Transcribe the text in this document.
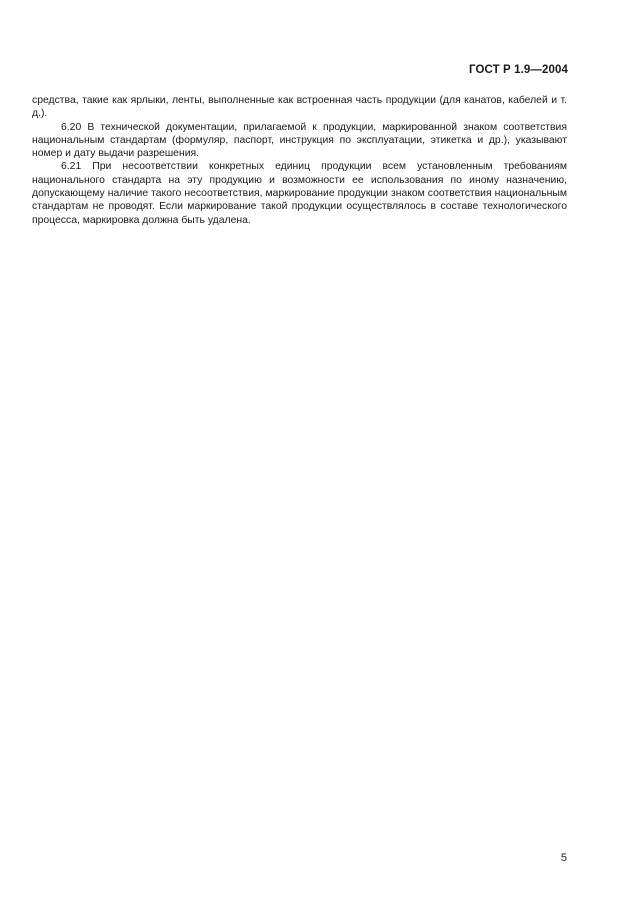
ГОСТ Р 1.9—2004

средства, такие как ярлыки, ленты, выполненные как встроенная часть продукции (для канатов, кабелей и т. д.).

6.20 В технической документации, прилагаемой к продукции, маркированной знаком соответствия национальным стандартам (формуляр, паспорт, инструкция по эксплуатации, этикетка и др.), указывают номер и дату выдачи разрешения.

6.21 При несоответствии конкретных единиц продукции всем установленным требованиям национального стандарта на эту продукцию и возможности ее использования по иному назначению, допускающему наличие такого несоответствия, маркирование продукции знаком соответствия национальным стандартам не проводят. Если маркирование такой продукции осуществлялось в составе технологического процесса, маркировка должна быть удалена.

5
